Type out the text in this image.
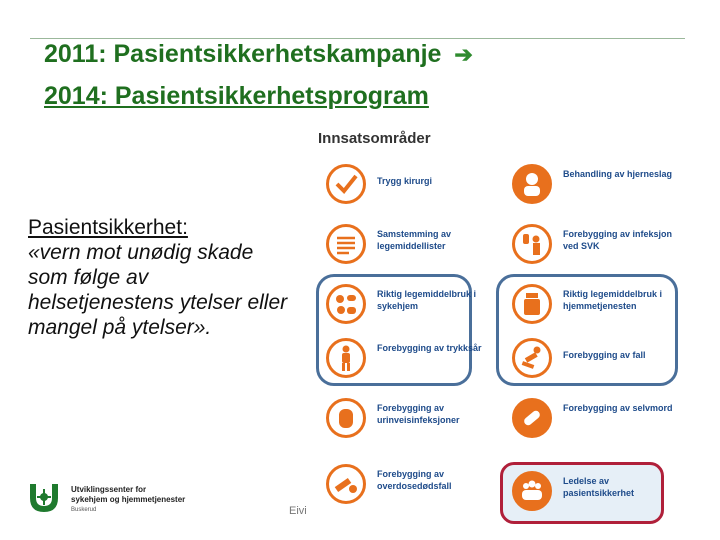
2011: Pasientsikkerhetskampanje ➔
2014: Pasientsikkerhetsprogram
Pasientsikkerhet:
«vern mot unødig skade som følge av helsetjenestens ytelser eller mangel på ytelser».
Innsatsområder
Trygg kirurgi
Samstemming av legemiddellister
Riktig legemiddelbruk i sykehjem
Forebygging av trykksår
Forebygging av urinveisinfeksjoner
Forebygging av overdosedødsfall
Behandling av hjerneslag
Forebygging av infeksjon ved SVK
Riktig legemiddelbruk i hjemmetjenesten
Forebygging av fall
Forebygging av selvmord
Ledelse av pasientsikkerhet
Utviklingssenter for
sykehjem og hjemmetjenester
Buskerud	Eivi
